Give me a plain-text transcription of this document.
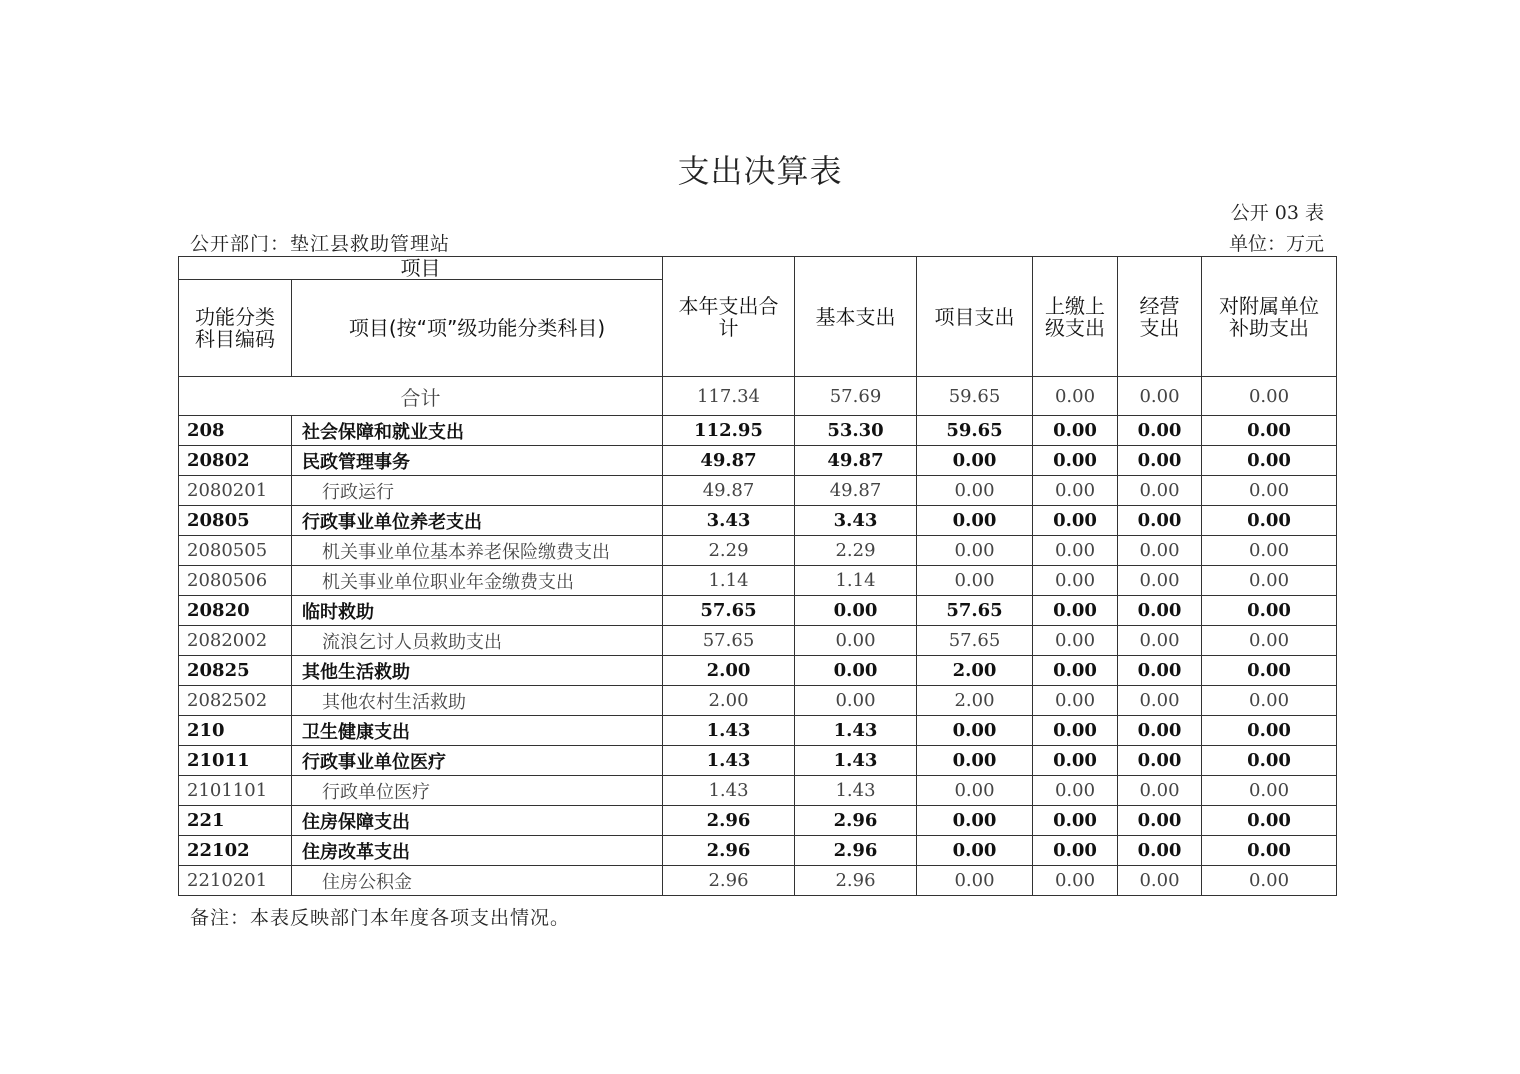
支出决算表
公开 03 表
公开部门：垫江县救助管理站	单位：万元
项目		本年支出合计	基本支出	项目支出	上缴上级支出	经营支出	对附属单位补助支出
功能分类科目编码	项目(按“项”级功能分类科目)						
合计		117.34	57.69	59.65	0.00	0.00	0.00
208	社会保障和就业支出	112.95	53.30	59.65	0.00	0.00	0.00
20802	民政管理事务	49.87	49.87	0.00	0.00	0.00	0.00
2080201	行政运行	49.87	49.87	0.00	0.00	0.00	0.00
20805	行政事业单位养老支出	3.43	3.43	0.00	0.00	0.00	0.00
2080505	机关事业单位基本养老保险缴费支出	2.29	2.29	0.00	0.00	0.00	0.00
2080506	机关事业单位职业年金缴费支出	1.14	1.14	0.00	0.00	0.00	0.00
20820	临时救助	57.65	0.00	57.65	0.00	0.00	0.00
2082002	流浪乞讨人员救助支出	57.65	0.00	57.65	0.00	0.00	0.00
20825	其他生活救助	2.00	0.00	2.00	0.00	0.00	0.00
2082502	其他农村生活救助	2.00	0.00	2.00	0.00	0.00	0.00
210	卫生健康支出	1.43	1.43	0.00	0.00	0.00	0.00
21011	行政事业单位医疗	1.43	1.43	0.00	0.00	0.00	0.00
2101101	行政单位医疗	1.43	1.43	0.00	0.00	0.00	0.00
221	住房保障支出	2.96	2.96	0.00	0.00	0.00	0.00
22102	住房改革支出	2.96	2.96	0.00	0.00	0.00	0.00
2210201	住房公积金	2.96	2.96	0.00	0.00	0.00	0.00
备注：本表反映部门本年度各项支出情况。
